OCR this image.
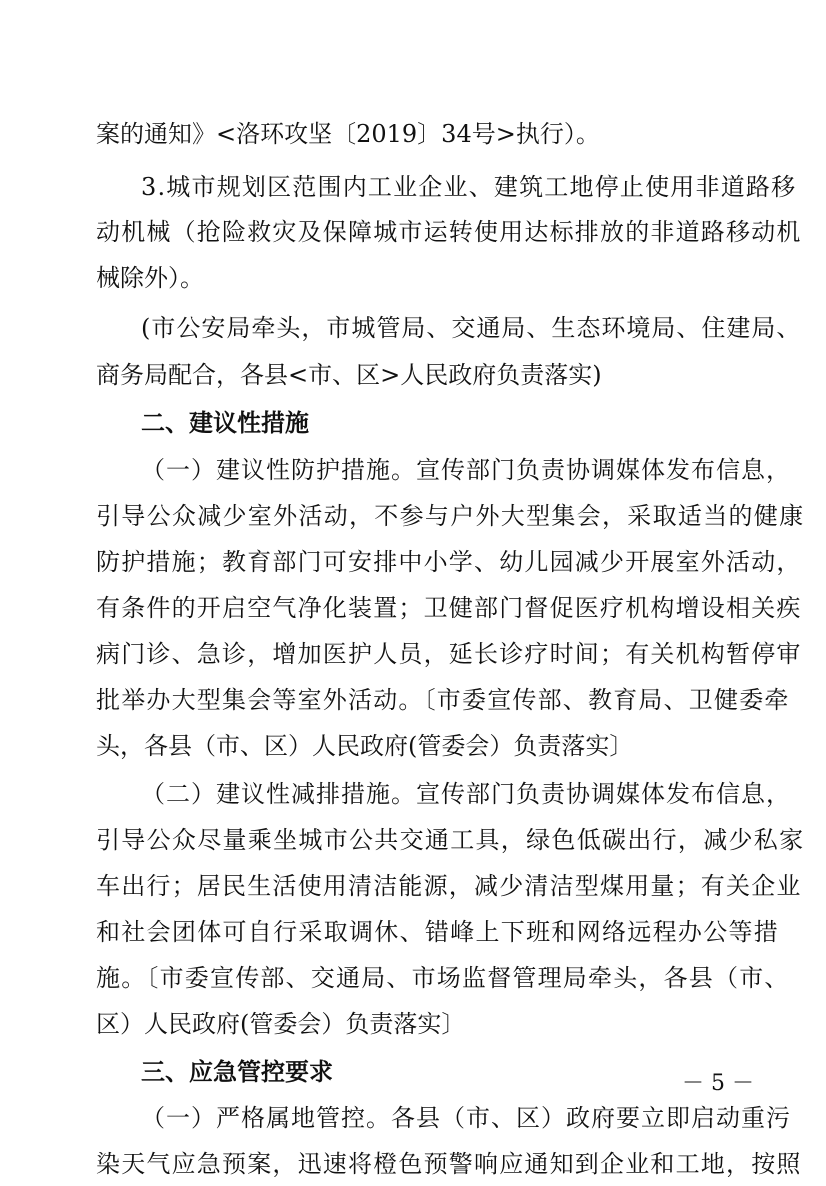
案的通知》<洛环攻坚〔2019〕34号>执行）。
3.城市规划区范围内工业企业、建筑工地停止使用非道路移
动机械（抢险救灾及保障城市运转使用达标排放的非道路移动机
械除外）。
(市公安局牵头，市城管局、交通局、生态环境局、住建局、
商务局配合，各县<市、区>人民政府负责落实)
二、建议性措施
（一）建议性防护措施。宣传部门负责协调媒体发布信息，
引导公众减少室外活动，不参与户外大型集会，采取适当的健康
防护措施；教育部门可安排中小学、幼儿园减少开展室外活动，
有条件的开启空气净化装置；卫健部门督促医疗机构增设相关疾
病门诊、急诊，增加医护人员，延长诊疗时间；有关机构暂停审
批举办大型集会等室外活动。〔市委宣传部、教育局、卫健委牵
头，各县（市、区）人民政府(管委会）负责落实〕
（二）建议性减排措施。宣传部门负责协调媒体发布信息，
引导公众尽量乘坐城市公共交通工具，绿色低碳出行，减少私家
车出行；居民生活使用清洁能源，减少清洁型煤用量；有关企业
和社会团体可自行采取调休、错峰上下班和网络远程办公等措
施。〔市委宣传部、交通局、市场监督管理局牵头，各县（市、
区）人民政府(管委会）负责落实〕
三、应急管控要求
（一）严格属地管控。各县（市、区）政府要立即启动重污
染天气应急预案，迅速将橙色预警响应通知到企业和工地，按照
－ 5 －
